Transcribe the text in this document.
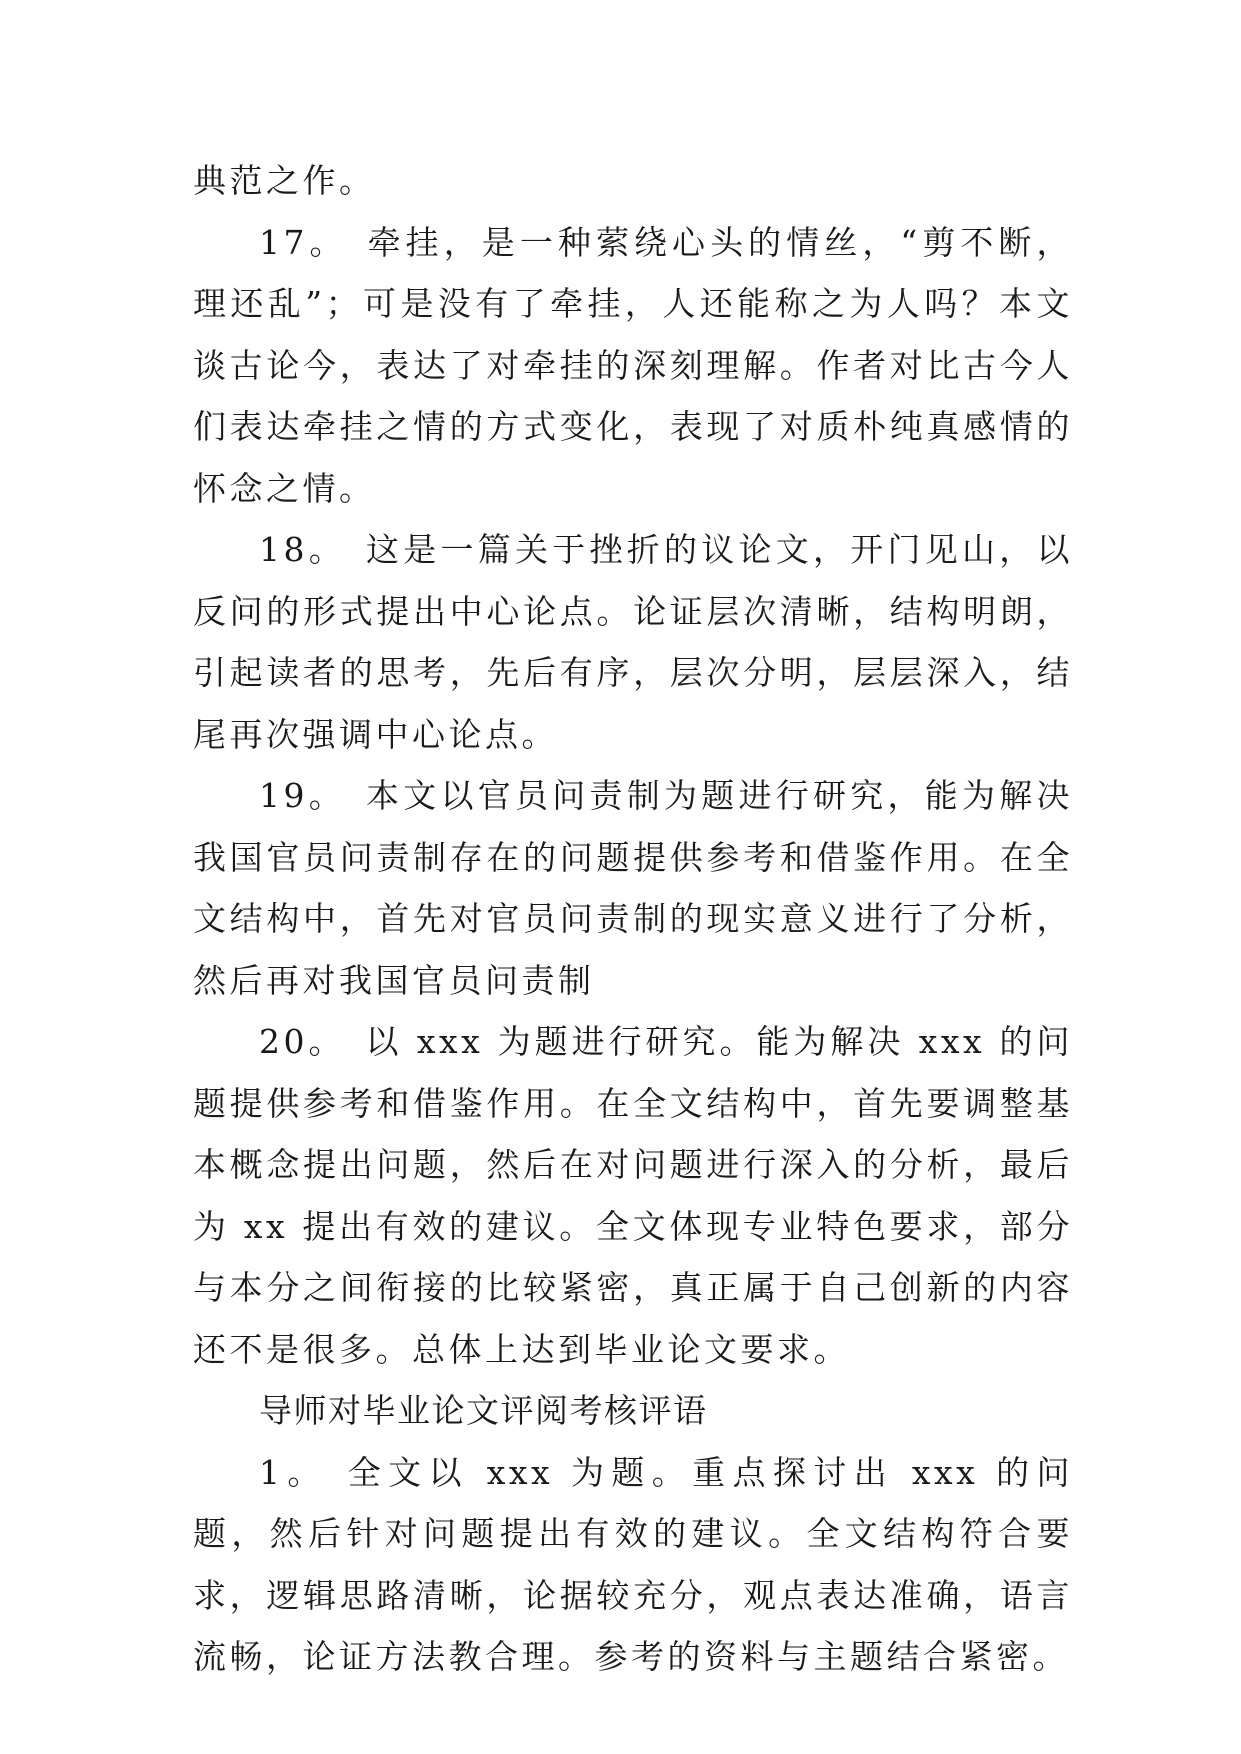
典范之作。

17。 牵挂，是一种萦绕心头的情丝，“剪不断，理还乱”；可是没有了牵挂，人还能称之为人吗？本文谈古论今，表达了对牵挂的深刻理解。作者对比古今人们表达牵挂之情的方式变化，表现了对质朴纯真感情的怀念之情。

18。 这是一篇关于挫折的议论文，开门见山，以反问的形式提出中心论点。论证层次清晰，结构明朗，引起读者的思考，先后有序，层次分明，层层深入，结尾再次强调中心论点。

19。 本文以官员问责制为题进行研究，能为解决我国官员问责制存在的问题提供参考和借鉴作用。在全文结构中，首先对官员问责制的现实意义进行了分析，然后再对我国官员问责制

20。 以 xxx 为题进行研究。能为解决 xxx 的问题提供参考和借鉴作用。在全文结构中，首先要调整基本概念提出问题，然后在对问题进行深入的分析，最后为 xx 提出有效的建议。全文体现专业特色要求，部分与本分之间衔接的比较紧密，真正属于自己创新的内容还不是很多。总体上达到毕业论文要求。

导师对毕业论文评阅考核评语

1。 全文以 xxx 为题。重点探讨出 xxx 的问题，然后针对问题提出有效的建议。全文结构符合要求，逻辑思路清晰，论据较充分，观点表达准确，语言流畅，论证方法教合理。参考的资料与主题结合紧密。
